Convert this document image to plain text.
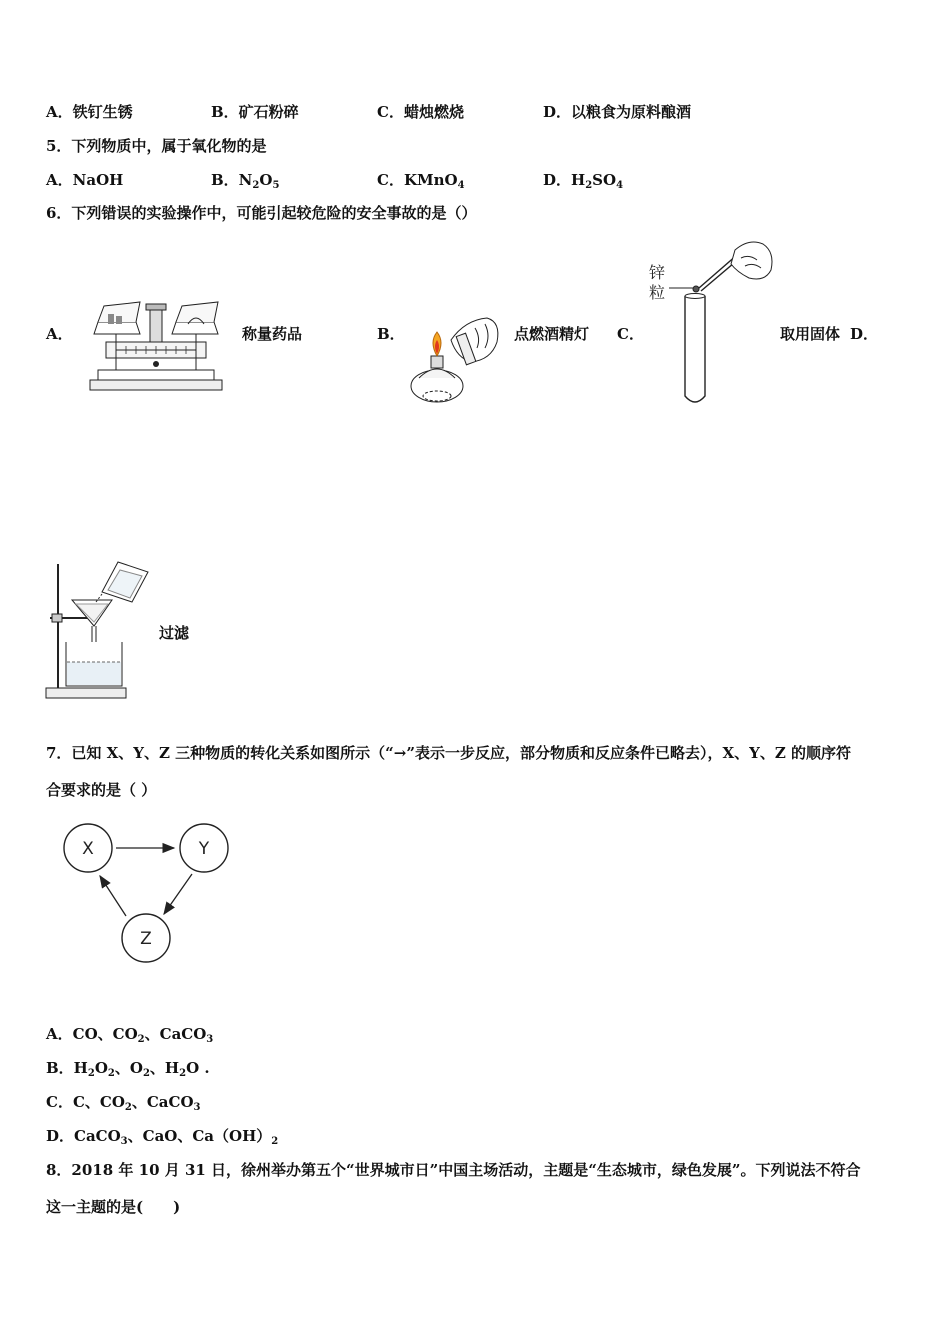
A．铁钉生锈	B．矿石粉碎	C．蜡烛燃烧	D．以粮食为原料酿酒
5．下列物质中，属于氧化物的是
A．NaOH	B．$N_2O_5$	C．KMnO$_4$	D．$H_2SO_4$
6．下列错误的实验操作中，可能引起较危险的安全事故的是（）
A．	称量药品	B．	点燃酒精灯 C．
锌
粒
取用固体 D．
过滤
7．已知 X、Y、Z 三种物质的转化关系如图所示（“→”表示一步反应，部分物质和反应条件已略去），X、Y、Z 的顺序符
合要求的是（ ）
X	Y
Z
A．CO、$CO_2$、CaCO$_3$
B．$H_2O_2$、$O_2$、$H_2O$ .
C．C、$CO_2$、CaCO$_3$
D．CaCO$_3$、CaO、$Ca(OH)_2$
8．2018 年 10 月 31 日，徐州举办第五个“世界城市日”中国主场活动，主题是“生态城市，绿色发展”。下列说法不符合
这一主题的是(　　)
